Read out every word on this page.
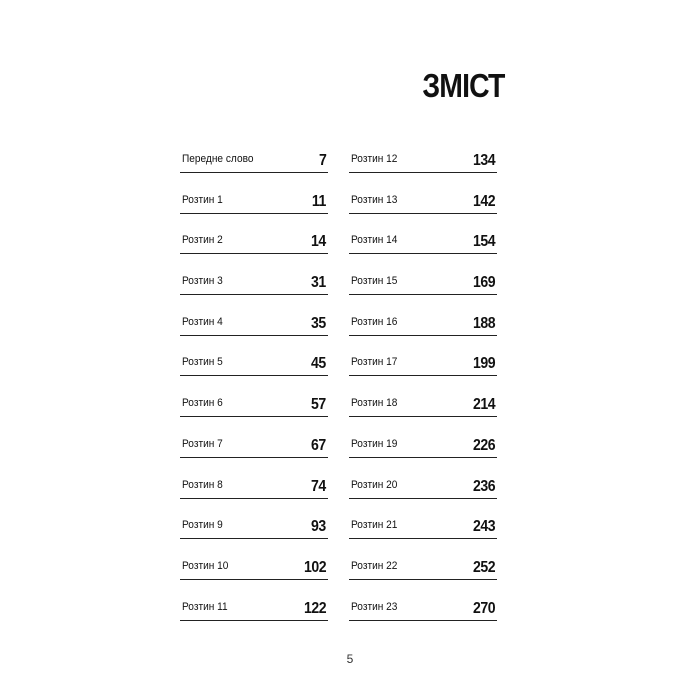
ЗМІСТ
Передне слово	7
Розтин 1	11
Розтин 2	14
Розтин 3	31
Розтин 4	35
Розтин 5	45
Розтин 6	57
Розтин 7	67
Розтин 8	74
Розтин 9	93
Розтин 10	102
Розтин 11	122
Розтин 12	134
Розтин 13	142
Розтин 14	154
Розтин 15	169
Розтин 16	188
Розтин 17	199
Розтин 18	214
Розтин 19	226
Розтин 20	236
Розтин 21	243
Розтин 22	252
Розтин 23	270
5
